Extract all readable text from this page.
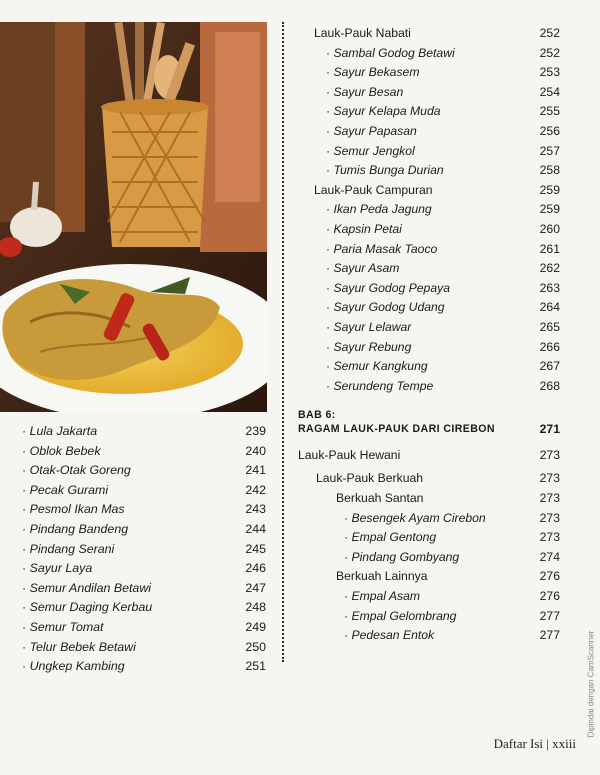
· Lula Jakarta	239
· Oblok Bebek	240
· Otak-Otak Goreng	241
· Pecak Gurami	242
· Pesmol Ikan Mas	243
· Pindang Bandeng	244
· Pindang Serani	245
· Sayur Laya	246
· Semur Andilan Betawi	247
· Semur Daging Kerbau	248
· Semur Tomat	249
· Telur Bebek Betawi	250
· Ungkep Kambing	251
Lauk-Pauk Nabati	252
· Sambal Godog Betawi	252
· Sayur Bekasem	253
· Sayur Besan	254
· Sayur Kelapa Muda	255
· Sayur Papasan	256
· Semur Jengkol	257
· Tumis Bunga Durian	258
Lauk-Pauk Campuran	259
· Ikan Peda Jagung	259
· Kapsin Petai	260
· Paria Masak Taoco	261
· Sayur Asam	262
· Sayur Godog Pepaya	263
· Sayur Godog Udang	264
· Sayur Lelawar	265
· Sayur Rebung	266
· Semur Kangkung	267
· Serundeng Tempe	268
BAB 6:
RAGAM LAUK-PAUK DARI CIREBON	271
Lauk-Pauk Hewani	273
Lauk-Pauk Berkuah	273
Berkuah Santan	273
· Besengek Ayam Cirebon	273
· Empal Gentong	273
· Pindang Gombyang	274
Berkuah Lainnya	276
· Empal Asam	276
· Empal Gelombrang	277
· Pedesan Entok	277
Daftar Isi | xxiii
Dipindai dengan CamScanner
